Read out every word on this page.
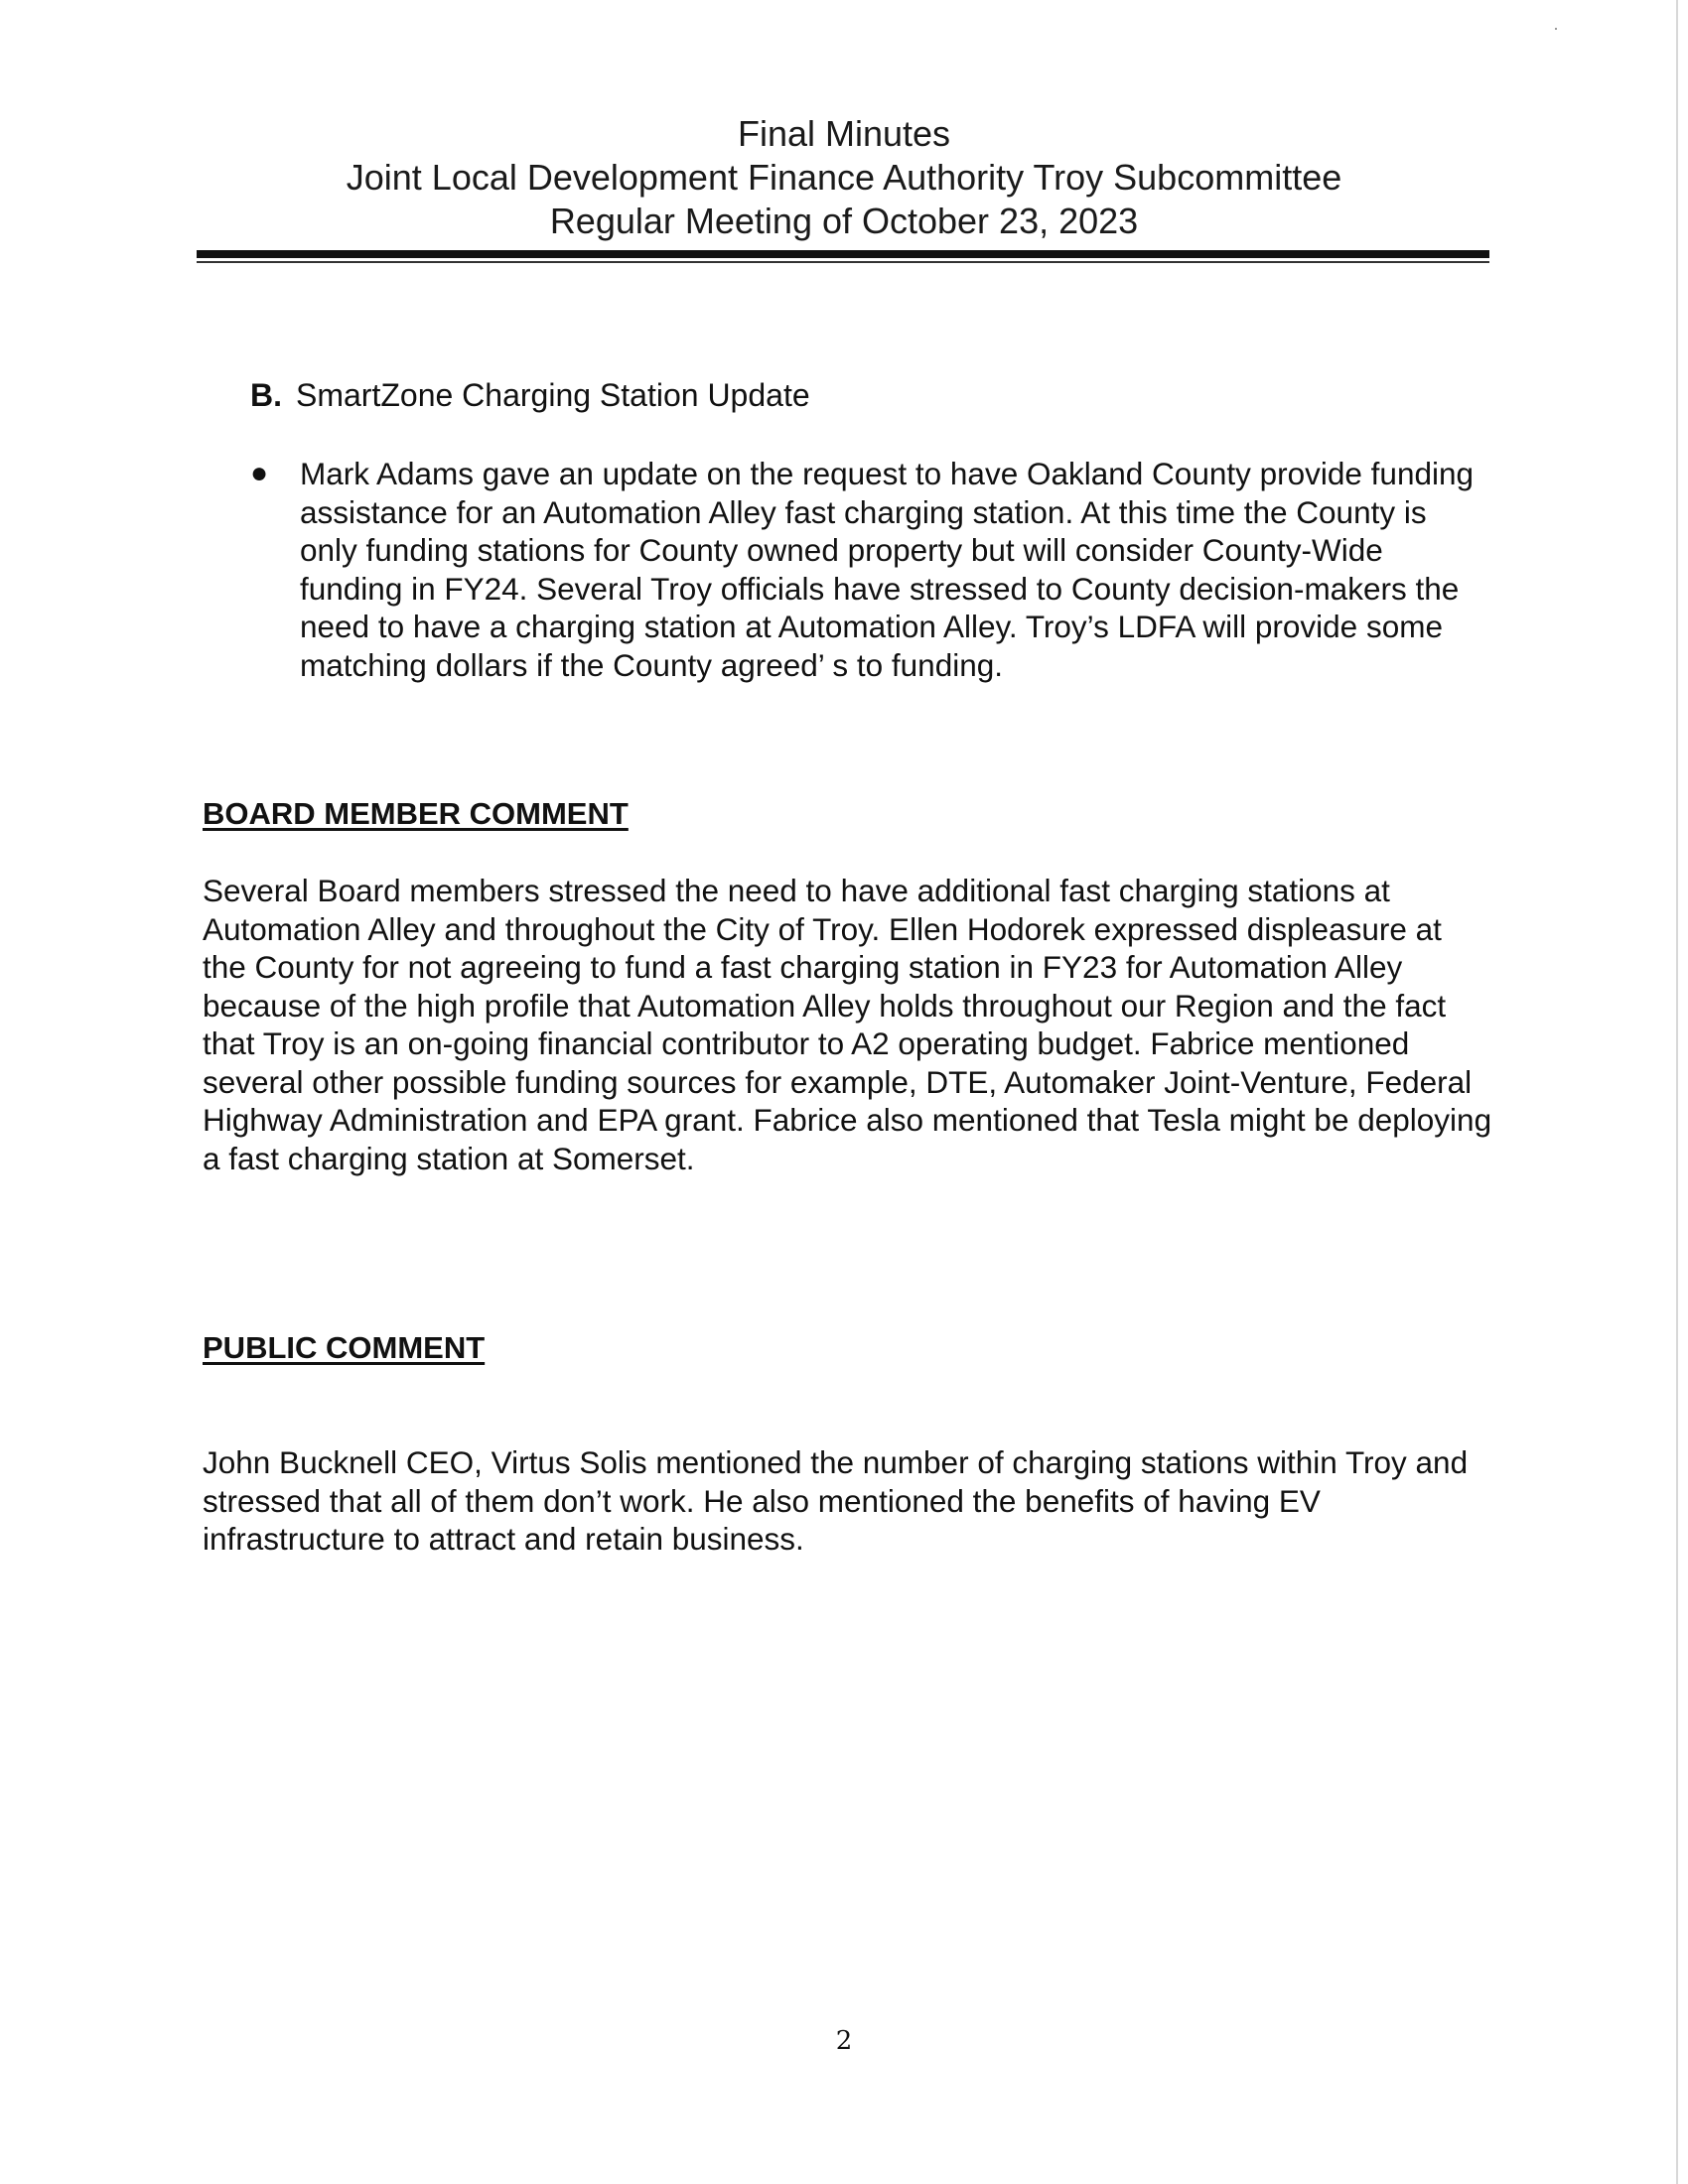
Final Minutes
Joint Local Development Finance Authority Troy Subcommittee
Regular Meeting of October 23, 2023
B. SmartZone Charging Station Update
● Mark Adams gave an update on the request to have Oakland County provide funding assistance for an Automation Alley fast charging station. At this time the County is only funding stations for County owned property but will consider County-Wide funding in FY24. Several Troy officials have stressed to County decision-makers the need to have a charging station at Automation Alley. Troy’s LDFA will provide some matching dollars if the County agreed’ s to funding.
BOARD MEMBER COMMENT
Several Board members stressed the need to have additional fast charging stations at Automation Alley and throughout the City of Troy. Ellen Hodorek expressed displeasure at the County for not agreeing to fund a fast charging station in FY23 for Automation Alley because of the high profile that Automation Alley holds throughout our Region and the fact that Troy is an on-going financial contributor to A2 operating budget. Fabrice mentioned several other possible funding sources for example, DTE, Automaker Joint-Venture, Federal Highway Administration and EPA grant. Fabrice also mentioned that Tesla might be deploying a fast charging station at Somerset.
PUBLIC COMMENT
John Bucknell CEO, Virtus Solis mentioned the number of charging stations within Troy and stressed that all of them don’t work. He also mentioned the benefits of having EV infrastructure to attract and retain business.
2
